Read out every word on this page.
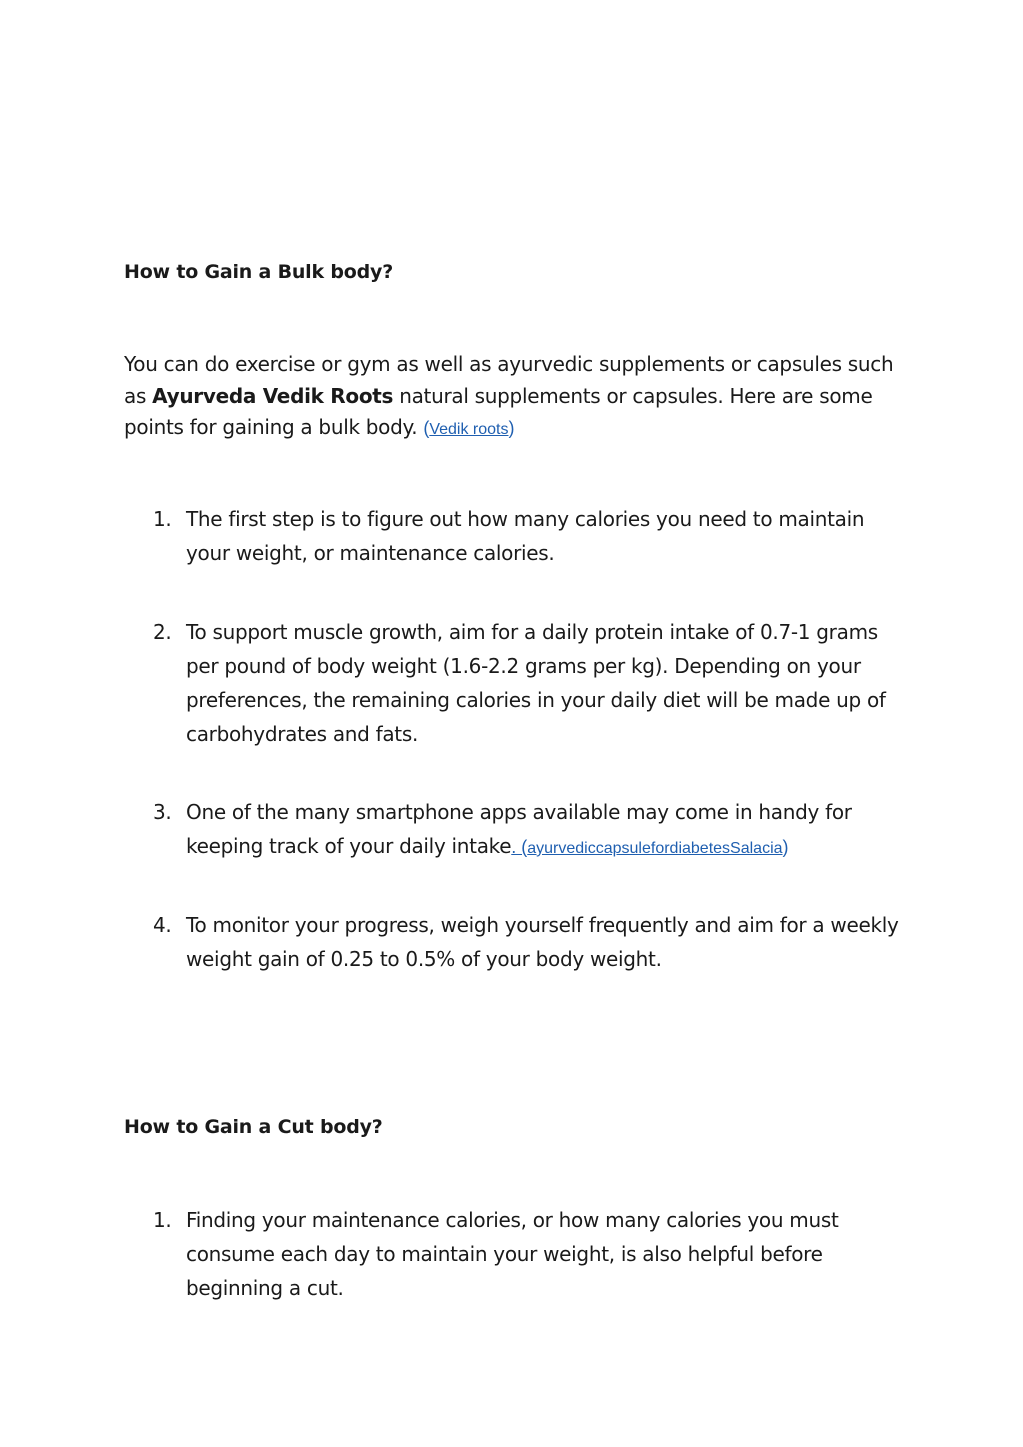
How to Gain a Bulk body?

You can do exercise or gym as well as ayurvedic supplements or capsules such as Ayurveda Vedik Roots natural supplements or capsules. Here are some points for gaining a bulk body. (Vedik roots)

1. The first step is to figure out how many calories you need to maintain your weight, or maintenance calories.
2. To support muscle growth, aim for a daily protein intake of 0.7-1 grams per pound of body weight (1.6-2.2 grams per kg). Depending on your preferences, the remaining calories in your daily diet will be made up of carbohydrates and fats.
3. One of the many smartphone apps available may come in handy for keeping track of your daily intake. (ayurvediccapsulefordiabetesSalacia)
4. To monitor your progress, weigh yourself frequently and aim for a weekly weight gain of 0.25 to 0.5% of your body weight.
How to Gain a Cut body?
1. Finding your maintenance calories, or how many calories you must consume each day to maintain your weight, is also helpful before beginning a cut.
